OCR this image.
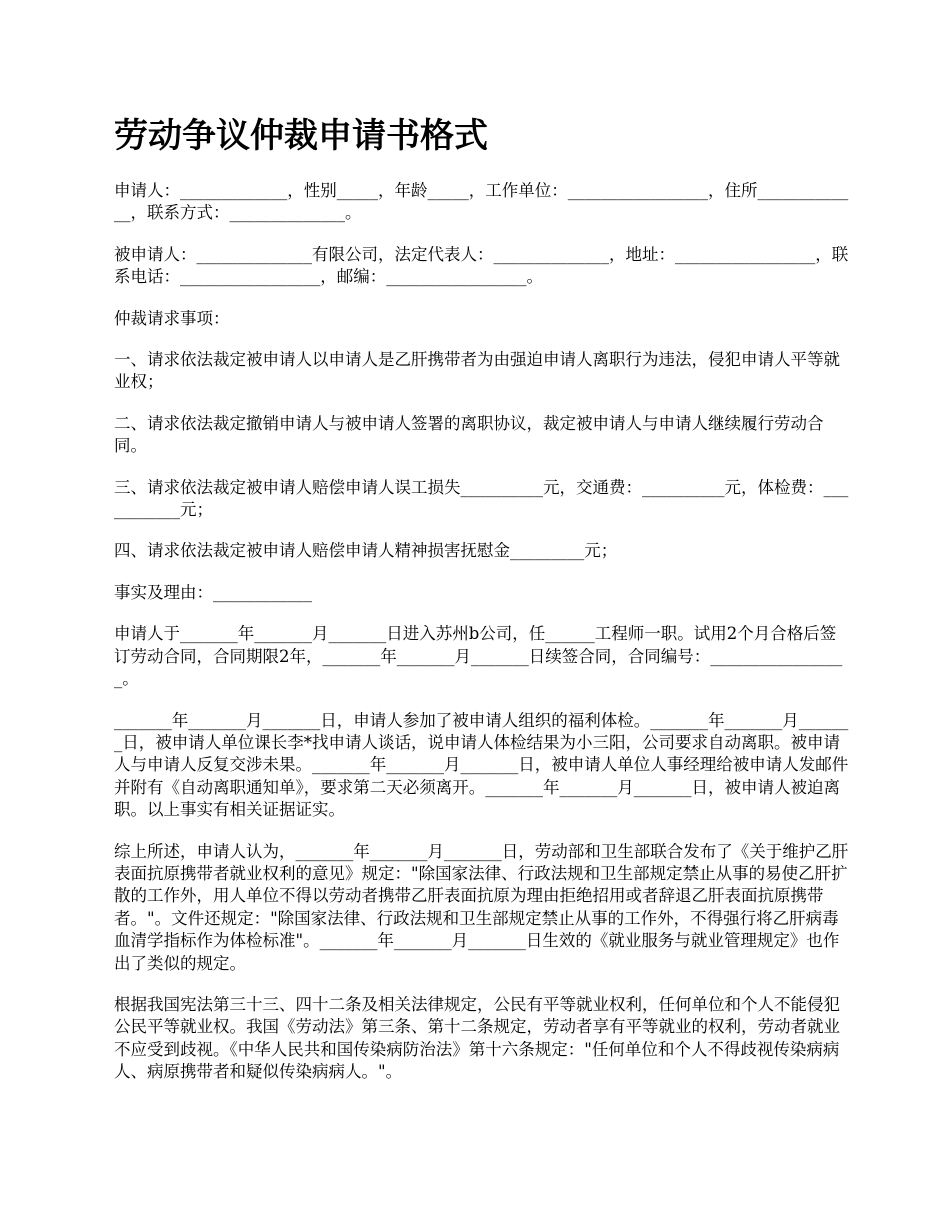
劳动争议仲裁申请书格式

申请人：_____________，性别_____，年龄_____，工作单位：_________________，住所_____________，联系方式：______________。

被申请人：______________有限公司，法定代表人：______________，地址：_________________，联系电话：_________________，邮编：_________________。

仲裁请求事项：

一、请求依法裁定被申请人以申请人是乙肝携带者为由强迫申请人离职行为违法，侵犯申请人平等就业权；

二、请求依法裁定撤销申请人与被申请人签署的离职协议，裁定被申请人与申请人继续履行劳动合同。

三、请求依法裁定被申请人赔偿申请人误工损失__________元，交通费：__________元，体检费：___________元；

四、请求依法裁定被申请人赔偿申请人精神损害抚慰金_________元；

事实及理由：____________

申请人于_______年_______月_______日进入苏州b公司，任______工程师一职。试用2个月合格后签订劳动合同，合同期限2年，_______年_______月_______日续签合同，合同编号：_________________。

_______年_______月_______日，申请人参加了被申请人组织的福利体检。_______年_______月_______日，被申请人单位课长李*找申请人谈话，说申请人体检结果为小三阳，公司要求自动离职。被申请人与申请人反复交涉未果。_______年_______月_______日，被申请人单位人事经理给被申请人发邮件并附有《自动离职通知单》，要求第二天必须离开。_______年_______月_______日，被申请人被迫离职。以上事实有相关证据证实。

综上所述，申请人认为，_______年_______月_______日，劳动部和卫生部联合发布了《关于维护乙肝表面抗原携带者就业权利的意见》规定："除国家法律、行政法规和卫生部规定禁止从事的易使乙肝扩散的工作外，用人单位不得以劳动者携带乙肝表面抗原为理由拒绝招用或者辞退乙肝表面抗原携带者。"。文件还规定："除国家法律、行政法规和卫生部规定禁止从事的工作外，不得强行将乙肝病毒血清学指标作为体检标准"。_______年_______月_______日生效的《就业服务与就业管理规定》也作出了类似的规定。

根据我国宪法第三十三、四十二条及相关法律规定，公民有平等就业权利，任何单位和个人不能侵犯公民平等就业权。我国《劳动法》第三条、第十二条规定，劳动者享有平等就业的权利，劳动者就业不应受到歧视。《中华人民共和国传染病防治法》第十六条规定："任何单位和个人不得歧视传染病病人、病原携带者和疑似传染病病人。"。
